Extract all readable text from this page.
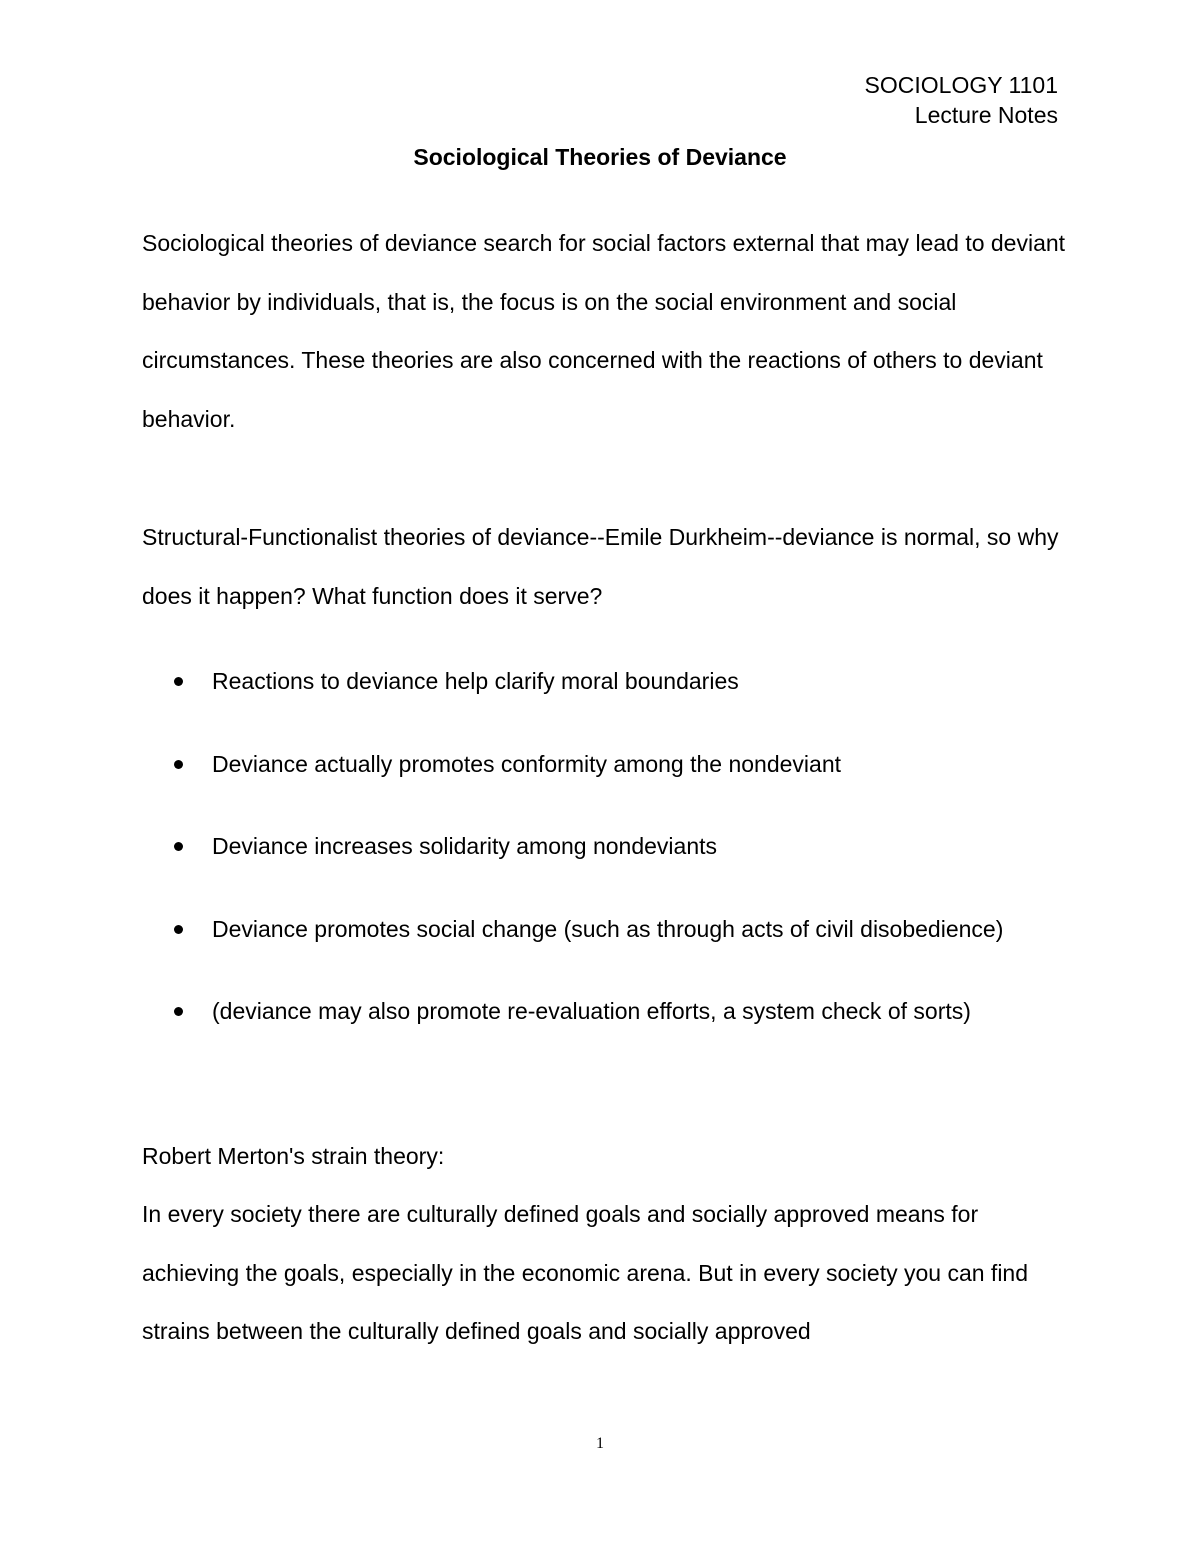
SOCIOLOGY 1101
Lecture Notes
Sociological Theories of Deviance

Sociological theories of deviance search for social factors external that may lead to deviant behavior by individuals, that is, the focus is on the social environment and social circumstances. These theories are also concerned with the reactions of others to deviant behavior.

Structural-Functionalist theories of deviance--Emile Durkheim--deviance is normal, so why does it happen? What function does it serve?

Reactions to deviance help clarify moral boundaries
Deviance actually promotes conformity among the nondeviant
Deviance increases solidarity among nondeviants
Deviance promotes social change (such as through acts of civil disobedience)
(deviance may also promote re-evaluation efforts, a system check of sorts)

Robert Merton's strain theory:

In every society there are culturally defined goals and socially approved means for achieving the goals, especially in the economic arena. But in every society you can find strains between the culturally defined goals and socially approved

1
